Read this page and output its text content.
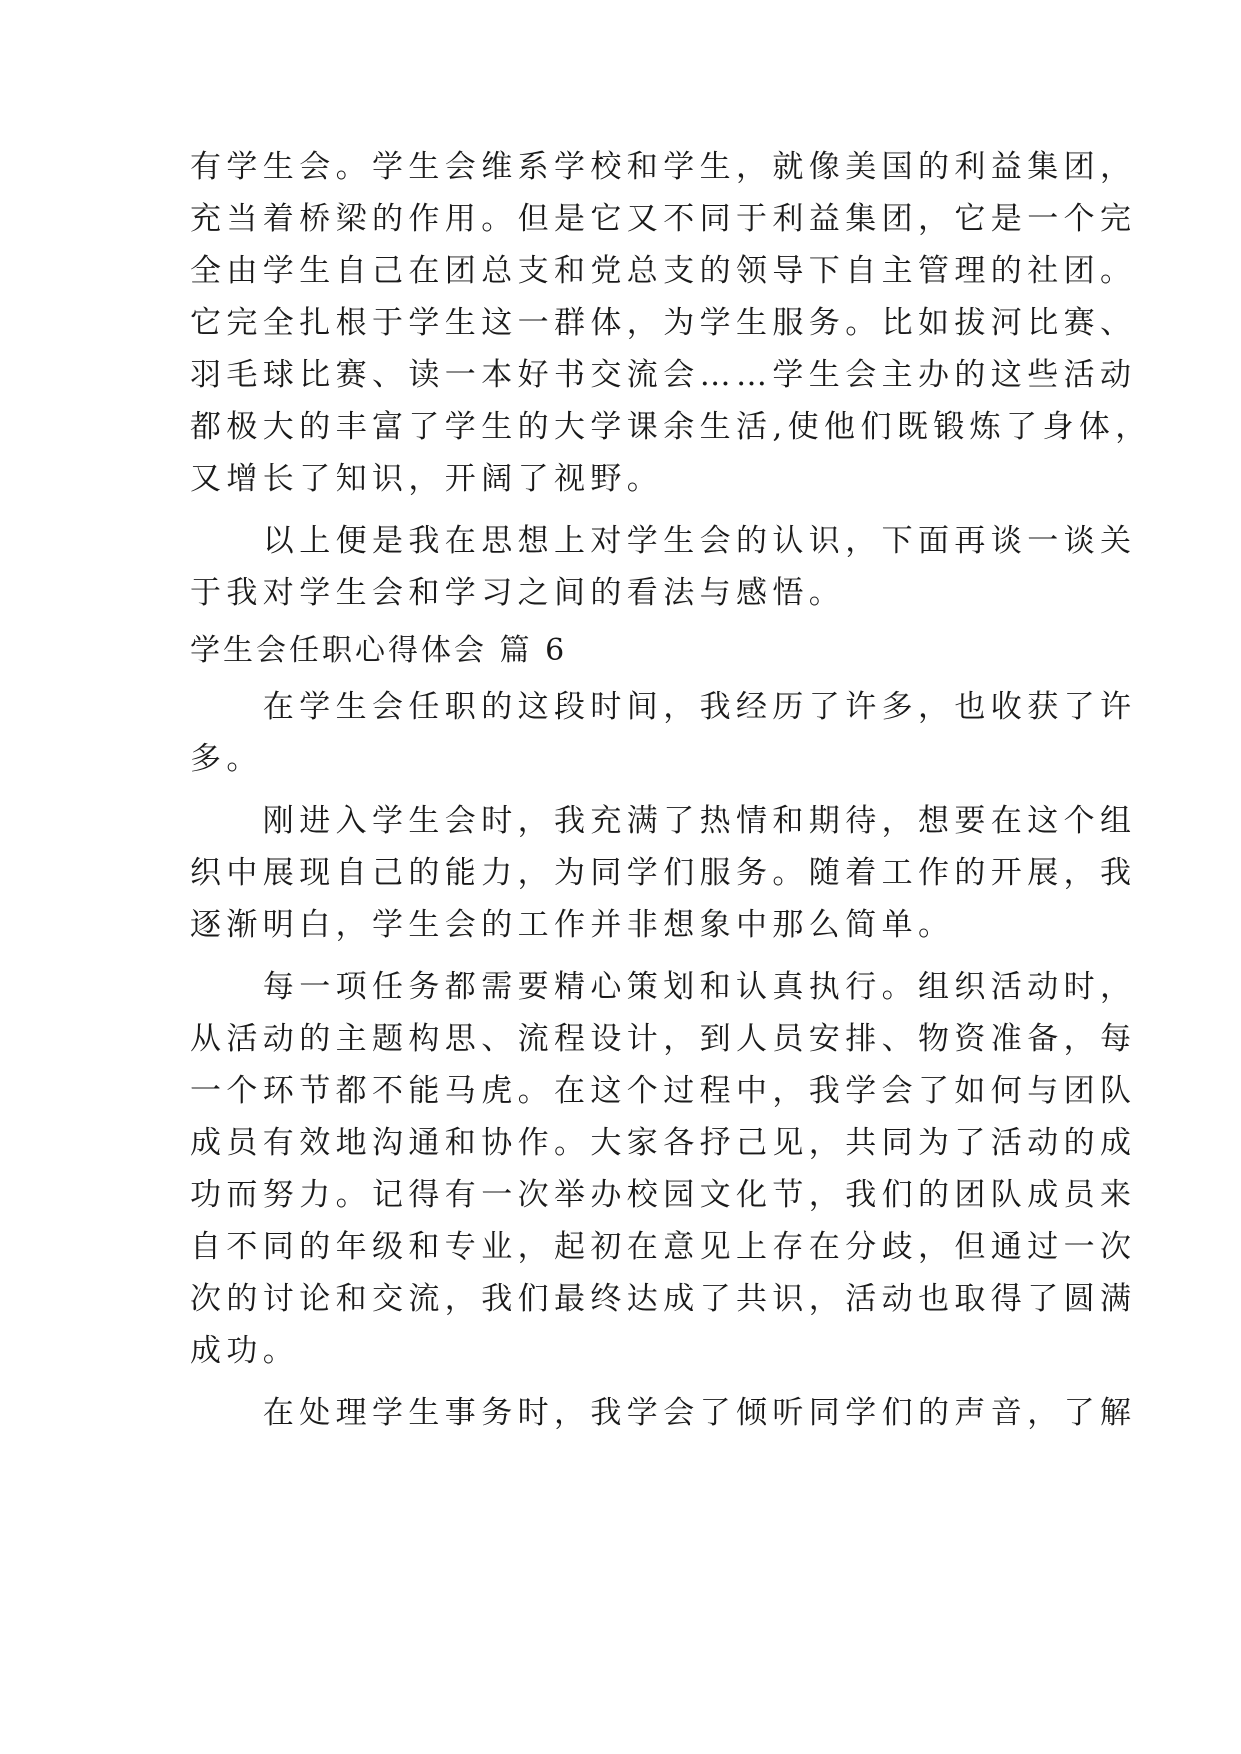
有学生会。学生会维系学校和学生，就像美国的利益集团，
充当着桥梁的作用。但是它又不同于利益集团，它是一个完
全由学生自己在团总支和党总支的领导下自主管理的社团。
它完全扎根于学生这一群体，为学生服务。比如拔河比赛、
羽毛球比赛、读一本好书交流会……学生会主办的这些活动
都极大的丰富了学生的大学课余生活,使他们既锻炼了身体，
又增长了知识，开阔了视野。
　　以上便是我在思想上对学生会的认识，下面再谈一谈关
于我对学生会和学习之间的看法与感悟。
学生会任职心得体会 篇 6
　　在学生会任职的这段时间，我经历了许多，也收获了许
多。
　　刚进入学生会时，我充满了热情和期待，想要在这个组
织中展现自己的能力，为同学们服务。随着工作的开展，我
逐渐明白，学生会的工作并非想象中那么简单。
　　每一项任务都需要精心策划和认真执行。组织活动时，
从活动的主题构思、流程设计，到人员安排、物资准备，每
一个环节都不能马虎。在这个过程中，我学会了如何与团队
成员有效地沟通和协作。大家各抒己见，共同为了活动的成
功而努力。记得有一次举办校园文化节，我们的团队成员来
自不同的年级和专业，起初在意见上存在分歧，但通过一次
次的讨论和交流，我们最终达成了共识，活动也取得了圆满
成功。
　　在处理学生事务时，我学会了倾听同学们的声音，了解
